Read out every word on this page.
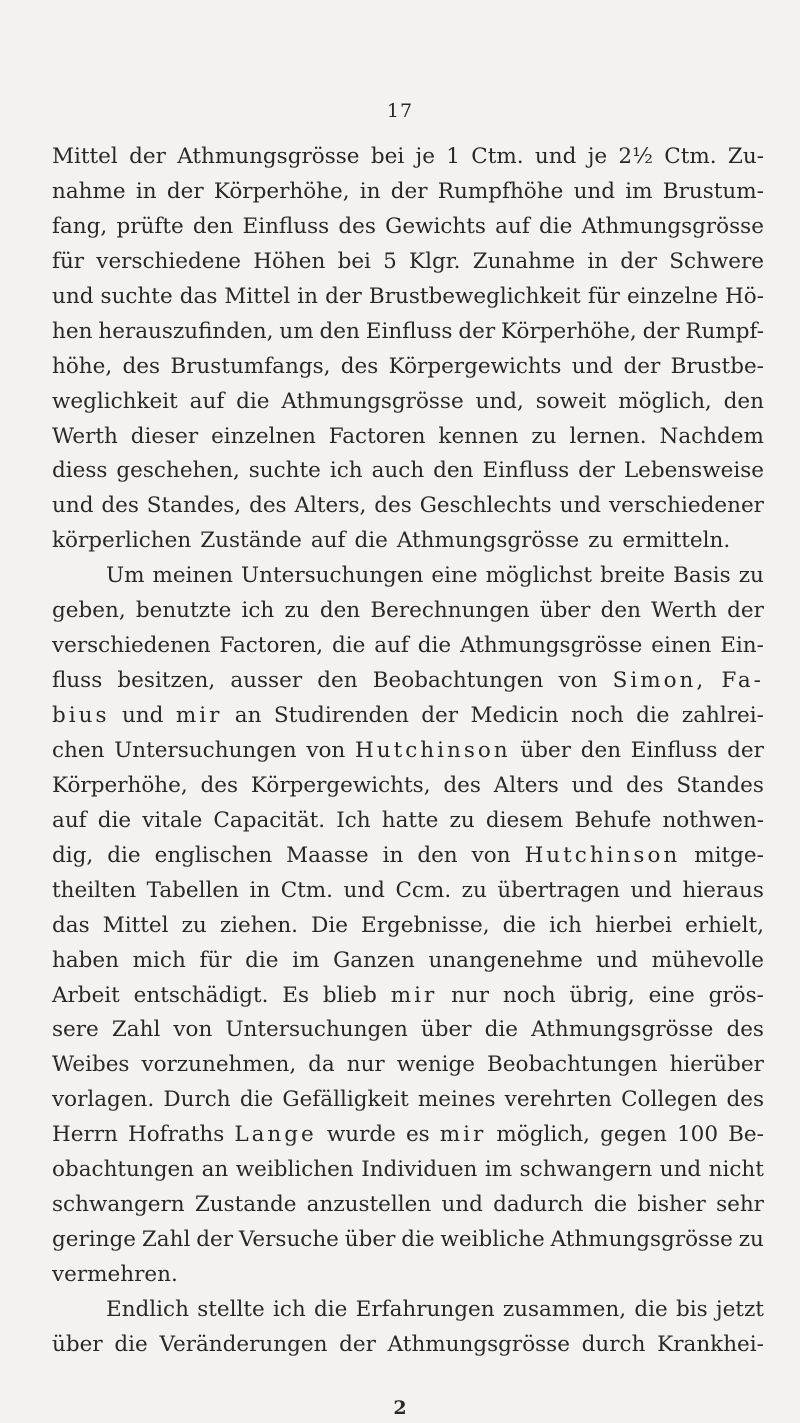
17
Mittel der Athmungsgrösse bei je 1 Ctm. und je 2½ Ctm. Zu-
nahme in der Körperhöhe, in der Rumpfhöhe und im Brustum-
fang, prüfte den Einfluss des Gewichts auf die Athmungsgrösse
für verschiedene Höhen bei 5 Klgr. Zunahme in der Schwere
und suchte das Mittel in der Brustbeweglichkeit für einzelne Hö-
hen herauszufinden, um den Einfluss der Körperhöhe, der Rumpf-
höhe, des Brustumfangs, des Körpergewichts und der Brustbe-
weglichkeit auf die Athmungsgrösse und, soweit möglich, den
Werth dieser einzelnen Factoren kennen zu lernen. Nachdem
diess geschehen, suchte ich auch den Einfluss der Lebensweise
und des Standes, des Alters, des Geschlechts und verschiedener
körperlichen Zustände auf die Athmungsgrösse zu ermitteln.
Um meinen Untersuchungen eine möglichst breite Basis zu
geben, benutzte ich zu den Berechnungen über den Werth der
verschiedenen Factoren, die auf die Athmungsgrösse einen Ein-
fluss besitzen, ausser den Beobachtungen von Simon, Fa-
bius und mir an Studirenden der Medicin noch die zahlrei-
chen Untersuchungen von Hutchinson über den Einfluss der
Körperhöhe, des Körpergewichts, des Alters und des Standes
auf die vitale Capacität. Ich hatte zu diesem Behufe nothwen-
dig, die englischen Maasse in den von Hutchinson mitge-
theilten Tabellen in Ctm. und Ccm. zu übertragen und hieraus
das Mittel zu ziehen. Die Ergebnisse, die ich hierbei erhielt,
haben mich für die im Ganzen unangenehme und mühevolle
Arbeit entschädigt. Es blieb mir nur noch übrig, eine grös-
sere Zahl von Untersuchungen über die Athmungsgrösse des
Weibes vorzunehmen, da nur wenige Beobachtungen hierüber
vorlagen. Durch die Gefälligkeit meines verehrten Collegen des
Herrn Hofraths Lange wurde es mir möglich, gegen 100 Be-
obachtungen an weiblichen Individuen im schwangern und nicht
schwangern Zustande anzustellen und dadurch die bisher sehr
geringe Zahl der Versuche über die weibliche Athmungsgrösse zu
vermehren.
Endlich stellte ich die Erfahrungen zusammen, die bis jetzt
über die Veränderungen der Athmungsgrösse durch Krankhei-
2
